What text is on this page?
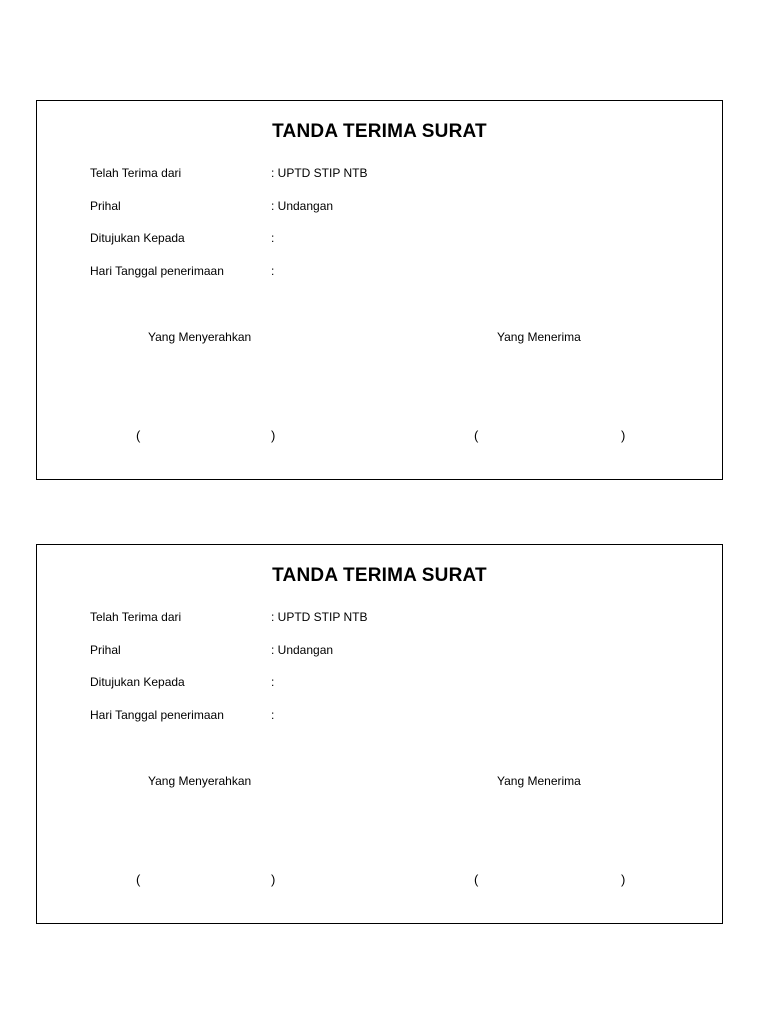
TANDA TERIMA SURAT
Telah Terima dari	: UPTD STIP NTB
Prihal	: Undangan
Ditujukan Kepada	:
Hari Tanggal penerimaan	:
Yang Menyerahkan	Yang Menerima
(	)	(	)
TANDA TERIMA SURAT
Telah Terima dari	: UPTD STIP NTB
Prihal	: Undangan
Ditujukan Kepada	:
Hari Tanggal penerimaan	:
Yang Menyerahkan	Yang Menerima
(	)	(	)
